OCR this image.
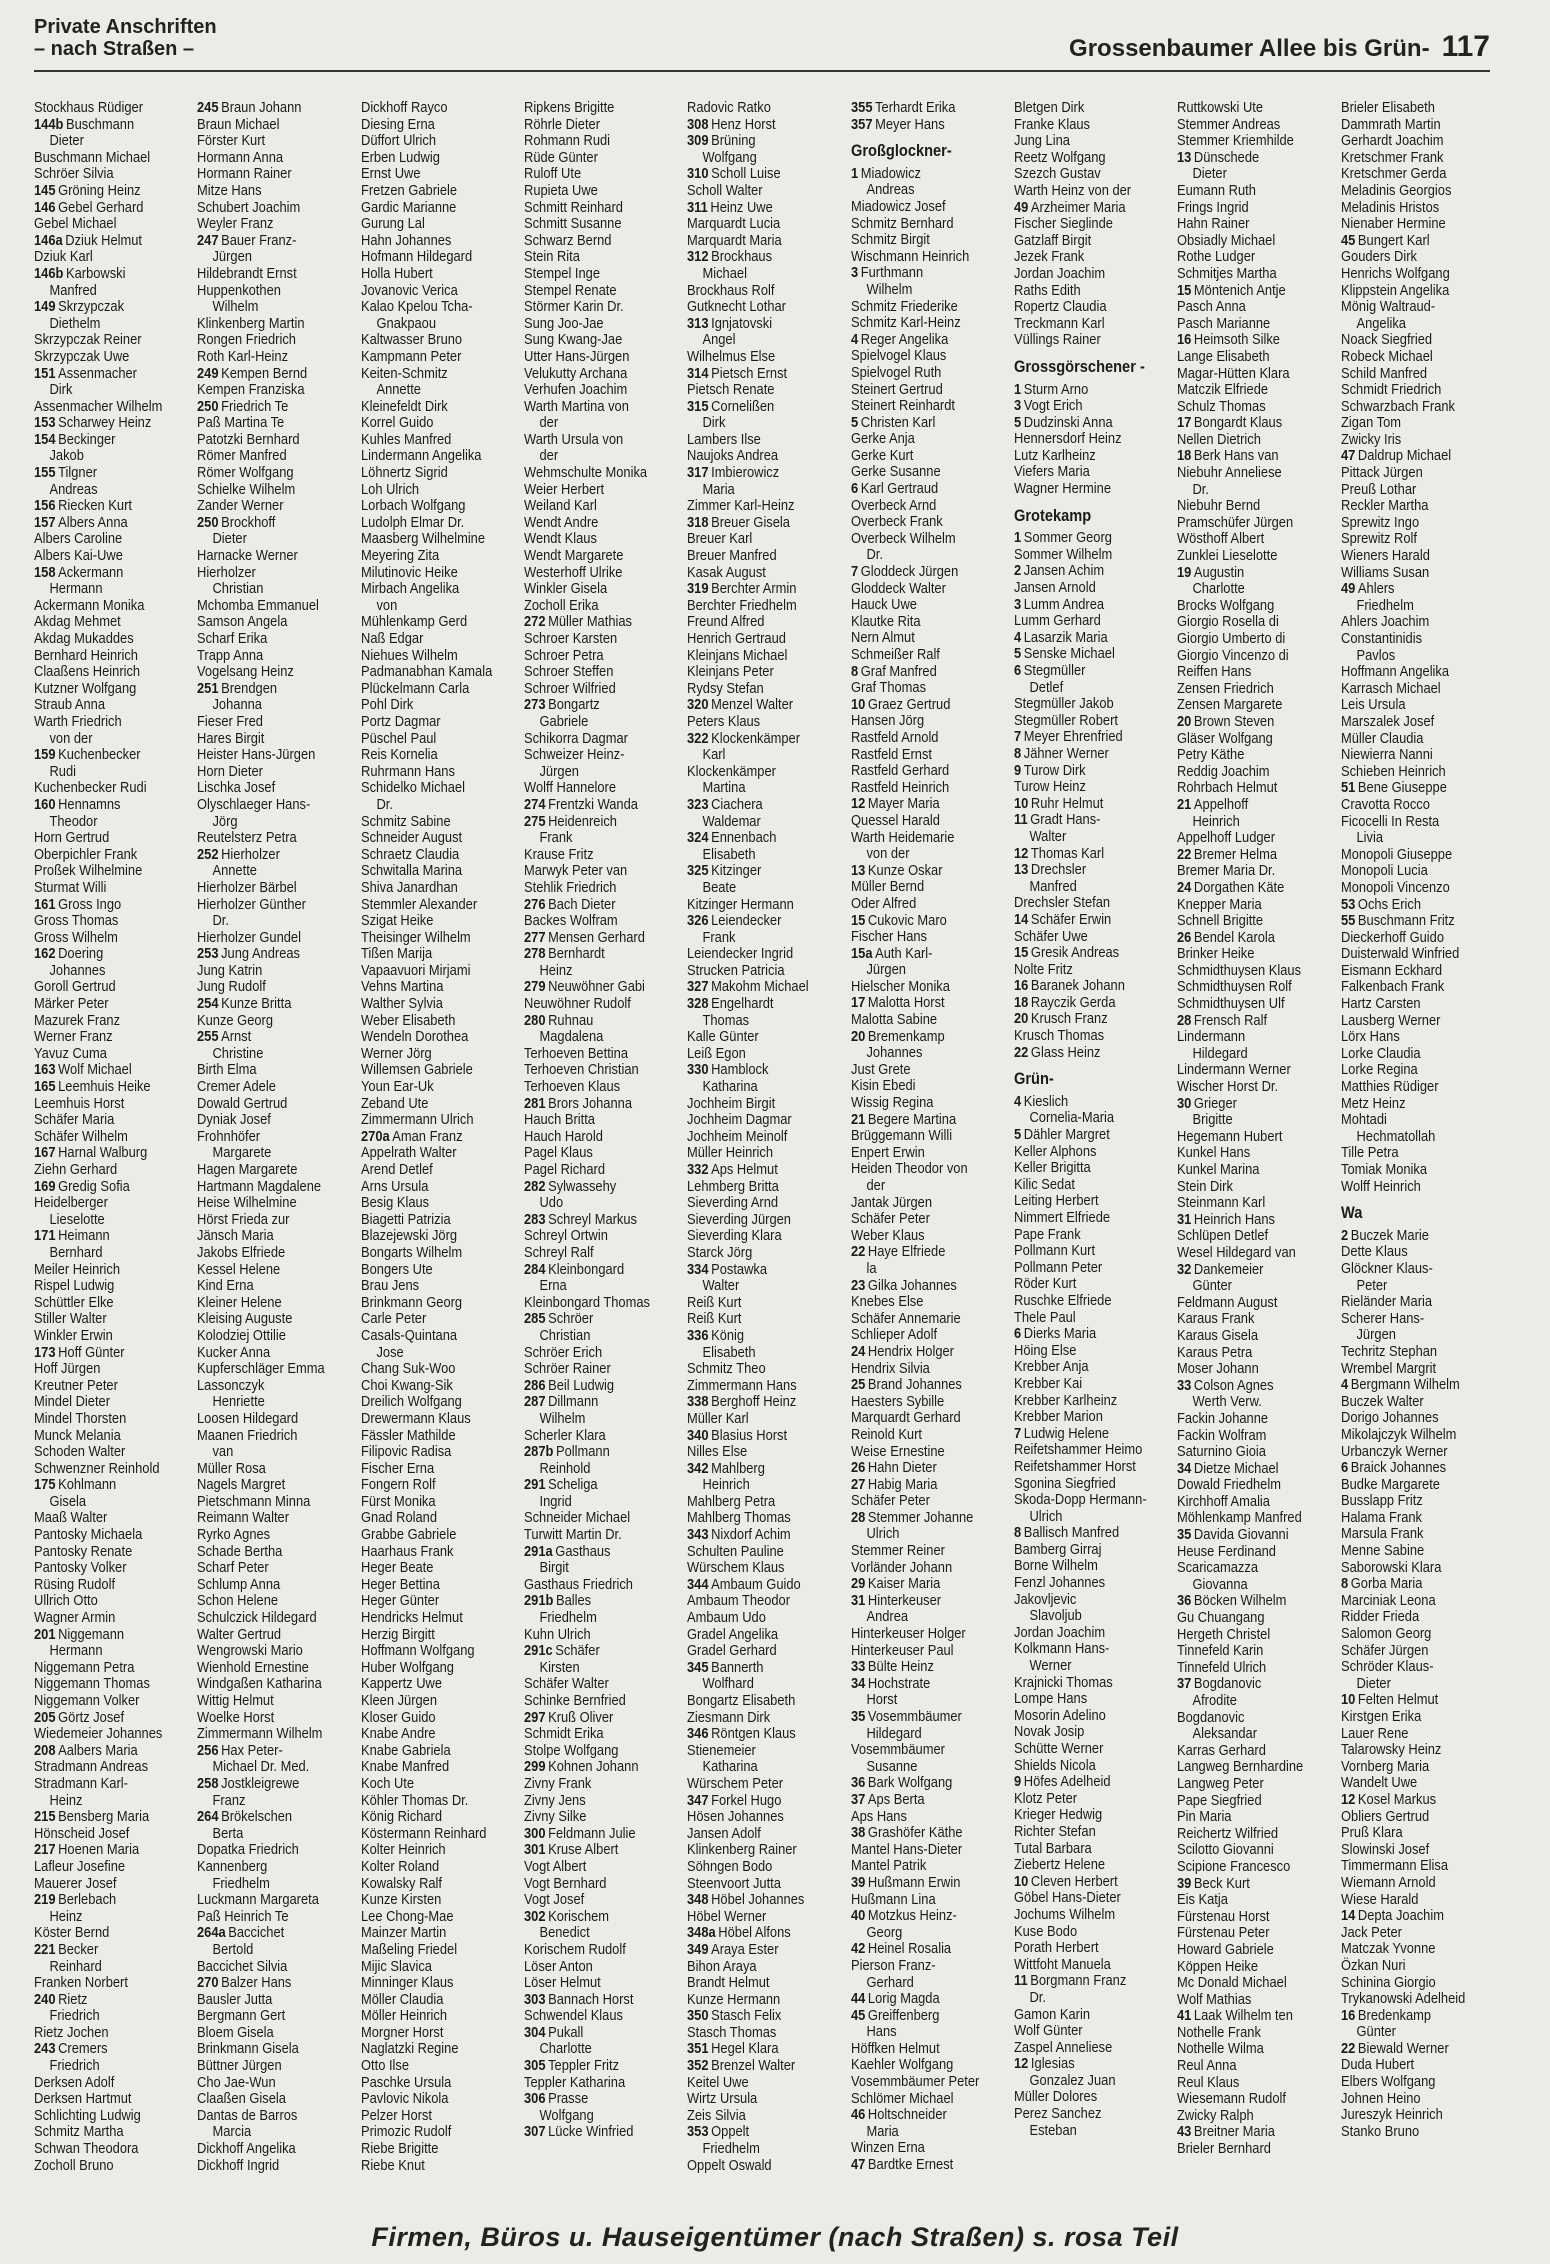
Private Anschriften
– nach Straßen –	Grossenbaumer Allee bis Grün- 117
Stockhaus Rüdiger
144b Buschmann
Dieter
Buschmann Michael
Schröer Silvia
145 Gröning Heinz
146 Gebel Gerhard
Gebel Michael
146a Dziuk Helmut
Dziuk Karl
146b Karbowski
Manfred
149 Skrzypczak
Diethelm
Skrzypczak Reiner
Skrzypczak Uwe
151 Assenmacher
Dirk
Assenmacher Wilhelm
153 Scharwey Heinz
154 Beckinger
Jakob
155 Tilgner
Andreas
156 Riecken Kurt
157 Albers Anna
Albers Caroline
Albers Kai-Uwe
158 Ackermann
Hermann
Ackermann Monika
Akdag Mehmet
Akdag Mukaddes
Bernhard Heinrich
Claaßens Heinrich
Kutzner Wolfgang
Straub Anna
Warth Friedrich
von der
159 Kuchenbecker
Rudi
Kuchenbecker Rudi
160 Hennamns
Theodor
Horn Gertrud
Oberpichler Frank
Proßek Wilhelmine
Sturmat Willi
161 Gross Ingo
Gross Thomas
Gross Wilhelm
162 Doering
Johannes
Goroll Gertrud
Märker Peter
Mazurek Franz
Werner Franz
Yavuz Cuma
163 Wolf Michael
165 Leemhuis Heike
Leemhuis Horst
Schäfer Maria
Schäfer Wilhelm
167 Harnal Walburg
Ziehn Gerhard
169 Gredig Sofia
Heidelberger
Lieselotte
171 Heimann
Bernhard
Meiler Heinrich
Rispel Ludwig
Schüttler Elke
Stiller Walter
Winkler Erwin
173 Hoff Günter
Hoff Jürgen
Kreutner Peter
Mindel Dieter
Mindel Thorsten
Munck Melania
Schoden Walter
Schwenzner Reinhold
175 Kohlmann
Gisela
Maaß Walter
Pantosky Michaela
Pantosky Renate
Pantosky Volker
Rüsing Rudolf
Ullrich Otto
Wagner Armin
201 Niggemann
Hermann
Niggemann Petra
Niggemann Thomas
Niggemann Volker
205 Görtz Josef
Wiedemeier Johannes
208 Aalbers Maria
Stradmann Andreas
Stradmann Karl-
Heinz
215 Bensberg Maria
Hönscheid Josef
217 Hoenen Maria
Lafleur Josefine
Mauerer Josef
219 Berlebach
Heinz
Köster Bernd
221 Becker
Reinhard
Franken Norbert
240 Rietz
Friedrich
Rietz Jochen
243 Cremers
Friedrich
Derksen Adolf
Derksen Hartmut
Schlichting Ludwig
Schmitz Martha
Schwan Theodora
Zocholl Bruno
245 Braun Johann
Braun Michael
Förster Kurt
Hormann Anna
Hormann Rainer
Mitze Hans
Schubert Joachim
Weyler Franz
247 Bauer Franz-
Jürgen
Hildebrandt Ernst
Huppenkothen
Wilhelm
Klinkenberg Martin
Rongen Friedrich
Roth Karl-Heinz
249 Kempen Bernd
Kempen Franziska
250 Friedrich Te
Paß Martina Te
Patotzki Bernhard
Römer Manfred
Römer Wolfgang
Schielke Wilhelm
Zander Werner
250 Brockhoff
Dieter
Harnacke Werner
Hierholzer
Christian
Mchomba Emmanuel
Samson Angela
Scharf Erika
Trapp Anna
Vogelsang Heinz
251 Brendgen
Johanna
Fieser Fred
Hares Birgit
Heister Hans-Jürgen
Horn Dieter
Lischka Josef
Olyschlaeger Hans-
Jörg
Reutelsterz Petra
252 Hierholzer
Annette
Hierholzer Bärbel
Hierholzer Günther
Dr.
Hierholzer Gundel
253 Jung Andreas
Jung Katrin
Jung Rudolf
254 Kunze Britta
Kunze Georg
255 Arnst
Christine
Birth Elma
Cremer Adele
Dowald Gertrud
Dyniak Josef
Frohnhöfer
Margarete
Hagen Margarete
Hartmann Magdalene
Heise Wilhelmine
Hörst Frieda zur
Jänsch Maria
Jakobs Elfriede
Kessel Helene
Kind Erna
Kleiner Helene
Kleising Auguste
Kolodziej Ottilie
Kucker Anna
Kupferschläger Emma
Lassonczyk
Henriette
Loosen Hildegard
Maanen Friedrich
van
Müller Rosa
Nagels Margret
Pietschmann Minna
Reimann Walter
Ryrko Agnes
Schade Bertha
Scharf Peter
Schlump Anna
Schon Helene
Schulczick Hildegard
Walter Gertrud
Wengrowski Mario
Wienhold Ernestine
Windgaßen Katharina
Wittig Helmut
Woelke Horst
Zimmermann Wilhelm
256 Hax Peter-
Michael Dr. Med.
258 Jostkleigrewe
Franz
264 Brökelschen
Berta
Dopatka Friedrich
Kannenberg
Friedhelm
Luckmann Margareta
Paß Heinrich Te
264a Baccichet
Bertold
Baccichet Silvia
270 Balzer Hans
Bausler Jutta
Bergmann Gert
Bloem Gisela
Brinkmann Gisela
Büttner Jürgen
Cho Jae-Wun
Claaßen Gisela
Dantas de Barros
Marcia
Dickhoff Angelika
Dickhoff Ingrid
Dickhoff Rayco
Diesing Erna
Düffort Ulrich
Erben Ludwig
Ernst Uwe
Fretzen Gabriele
Gardic Marianne
Gurung Lal
Hahn Johannes
Hofmann Hildegard
Holla Hubert
Jovanovic Verica
Kalao Kpelou Tcha-
Gnakpaou
Kaltwasser Bruno
Kampmann Peter
Keiten-Schmitz
Annette
Kleinefeldt Dirk
Korrel Guido
Kuhles Manfred
Lindermann Angelika
Löhnertz Sigrid
Loh Ulrich
Lorbach Wolfgang
Ludolph Elmar Dr.
Maasberg Wilhelmine
Meyering Zita
Milutinovic Heike
Mirbach Angelika
von
Mühlenkamp Gerd
Naß Edgar
Niehues Wilhelm
Padmanabhan Kamala
Plückelmann Carla
Pohl Dirk
Portz Dagmar
Püschel Paul
Reis Kornelia
Ruhrmann Hans
Schidelko Michael
Dr.
Schmitz Sabine
Schneider August
Schraetz Claudia
Schwitalla Marina
Shiva Janardhan
Stemmler Alexander
Szigat Heike
Theisinger Wilhelm
Tißen Marija
Vapaavuori Mirjami
Vehns Martina
Walther Sylvia
Weber Elisabeth
Wendeln Dorothea
Werner Jörg
Willemsen Gabriele
Youn Ear-Uk
Zeband Ute
Zimmermann Ulrich
270a Aman Franz
Appelrath Walter
Arend Detlef
Arns Ursula
Besig Klaus
Biagetti Patrizia
Blazejewski Jörg
Bongarts Wilhelm
Bongers Ute
Brau Jens
Brinkmann Georg
Carle Peter
Casals-Quintana
Jose
Chang Suk-Woo
Choi Kwang-Sik
Dreilich Wolfgang
Drewermann Klaus
Fässler Mathilde
Filipovic Radisa
Fischer Erna
Fongern Rolf
Fürst Monika
Gnad Roland
Grabbe Gabriele
Haarhaus Frank
Heger Beate
Heger Bettina
Heger Günter
Hendricks Helmut
Herzig Birgitt
Hoffmann Wolfgang
Huber Wolfgang
Kappertz Uwe
Kleen Jürgen
Kloser Guido
Knabe Andre
Knabe Gabriela
Knabe Manfred
Koch Ute
Köhler Thomas Dr.
König Richard
Köstermann Reinhard
Kolter Heinrich
Kolter Roland
Kowalsky Ralf
Kunze Kirsten
Lee Chong-Mae
Mainzer Martin
Maßeling Friedel
Mijic Slavica
Minninger Klaus
Möller Claudia
Möller Heinrich
Morgner Horst
Naglatzki Regine
Otto Ilse
Paschke Ursula
Pavlovic Nikola
Pelzer Horst
Primozic Rudolf
Riebe Brigitte
Riebe Knut
Ripkens Brigitte
Röhrle Dieter
Rohmann Rudi
Rüde Günter
Ruloff Ute
Rupieta Uwe
Schmitt Reinhard
Schmitt Susanne
Schwarz Bernd
Stein Rita
Stempel Inge
Stempel Renate
Störmer Karin Dr.
Sung Joo-Jae
Sung Kwang-Jae
Utter Hans-Jürgen
Velukutty Archana
Verhufen Joachim
Warth Martina von
der
Warth Ursula von
der
Wehmschulte Monika
Weier Herbert
Weiland Karl
Wendt Andre
Wendt Klaus
Wendt Margarete
Westerhoff Ulrike
Winkler Gisela
Zocholl Erika
272 Müller Mathias
Schroer Karsten
Schroer Petra
Schroer Steffen
Schroer Wilfried
273 Bongartz
Gabriele
Schikorra Dagmar
Schweizer Heinz-
Jürgen
Wolff Hannelore
274 Frentzki Wanda
275 Heidenreich
Frank
Krause Fritz
Marwyk Peter van
Stehlik Friedrich
276 Bach Dieter
Backes Wolfram
277 Mensen Gerhard
278 Bernhardt
Heinz
279 Neuwöhner Gabi
Neuwöhner Rudolf
280 Ruhnau
Magdalena
Terhoeven Bettina
Terhoeven Christian
Terhoeven Klaus
281 Brors Johanna
Hauch Britta
Hauch Harold
Pagel Klaus
Pagel Richard
282 Sylwassehy
Udo
283 Schreyl Markus
Schreyl Ortwin
Schreyl Ralf
284 Kleinbongard
Erna
Kleinbongard Thomas
285 Schröer
Christian
Schröer Erich
Schröer Rainer
286 Beil Ludwig
287 Dillmann
Wilhelm
Scherler Klara
287b Pollmann
Reinhold
291 Scheliga
Ingrid
Schneider Michael
Turwitt Martin Dr.
291a Gasthaus
Birgit
Gasthaus Friedrich
291b Balles
Friedhelm
Kuhn Ulrich
291c Schäfer
Kirsten
Schäfer Walter
Schinke Bernfried
297 Kruß Oliver
Schmidt Erika
Stolpe Wolfgang
299 Kohnen Johann
Zivny Frank
Zivny Jens
Zivny Silke
300 Feldmann Julie
301 Kruse Albert
Vogt Albert
Vogt Bernhard
Vogt Josef
302 Korischem
Benedict
Korischem Rudolf
Löser Anton
Löser Helmut
303 Bannach Horst
Schwendel Klaus
304 Pukall
Charlotte
305 Teppler Fritz
Teppler Katharina
306 Prasse
Wolfgang
307 Lücke Winfried
Radovic Ratko
308 Henz Horst
309 Brüning
Wolfgang
310 Scholl Luise
Scholl Walter
311 Heinz Uwe
Marquardt Lucia
Marquardt Maria
312 Brockhaus
Michael
Brockhaus Rolf
Gutknecht Lothar
313 Ignjatovski
Angel
Wilhelmus Else
314 Pietsch Ernst
Pietsch Renate
315 Cornelißen
Dirk
Lambers Ilse
Naujoks Andrea
317 Imbierowicz
Maria
Zimmer Karl-Heinz
318 Breuer Gisela
Breuer Karl
Breuer Manfred
Kasak August
319 Berchter Armin
Berchter Friedhelm
Freund Alfred
Henrich Gertraud
Kleinjans Michael
Kleinjans Peter
Rydsy Stefan
320 Menzel Walter
Peters Klaus
322 Klockenkämper
Karl
Klockenkämper
Martina
323 Ciachera
Waldemar
324 Ennenbach
Elisabeth
325 Kitzinger
Beate
Kitzinger Hermann
326 Leiendecker
Frank
Leiendecker Ingrid
Strucken Patricia
327 Makohm Michael
328 Engelhardt
Thomas
Kalle Günter
Leiß Egon
330 Hamblock
Katharina
Jochheim Birgit
Jochheim Dagmar
Jochheim Meinolf
Müller Heinrich
332 Aps Helmut
Lehmberg Britta
Sieverding Arnd
Sieverding Jürgen
Sieverding Klara
Starck Jörg
334 Postawka
Walter
Reiß Kurt
Reiß Kurt
336 König
Elisabeth
Schmitz Theo
Zimmermann Hans
338 Berghoff Heinz
Müller Karl
340 Blasius Horst
Nilles Else
342 Mahlberg
Heinrich
Mahlberg Petra
Mahlberg Thomas
343 Nixdorf Achim
Schulten Pauline
Würschem Klaus
344 Ambaum Guido
Ambaum Theodor
Ambaum Udo
Gradel Angelika
Gradel Gerhard
345 Bannerth
Wolfhard
Bongartz Elisabeth
Ziesmann Dirk
346 Röntgen Klaus
Stienemeier
Katharina
Würschem Peter
347 Forkel Hugo
Hösen Johannes
Jansen Adolf
Klinkenberg Rainer
Söhngen Bodo
Steenvoort Jutta
348 Höbel Johannes
Höbel Werner
348a Höbel Alfons
349 Araya Ester
Bihon Araya
Brandt Helmut
Kunze Hermann
350 Stasch Felix
Stasch Thomas
351 Hegel Klara
352 Brenzel Walter
Keitel Uwe
Wirtz Ursula
Zeis Silvia
353 Oppelt
Friedhelm
Oppelt Oswald
355 Terhardt Erika
357 Meyer Hans
Großglockner-
1 Miadowicz
Andreas
Miadowicz Josef
Schmitz Bernhard
Schmitz Birgit
Wischmann Heinrich
3 Furthmann
Wilhelm
Schmitz Friederike
Schmitz Karl-Heinz
4 Reger Angelika
Spielvogel Klaus
Spielvogel Ruth
Steinert Gertrud
Steinert Reinhardt
5 Christen Karl
Gerke Anja
Gerke Kurt
Gerke Susanne
6 Karl Gertraud
Overbeck Arnd
Overbeck Frank
Overbeck Wilhelm
Dr.
7 Gloddeck Jürgen
Gloddeck Walter
Hauck Uwe
Klautke Rita
Nern Almut
Schmeißer Ralf
8 Graf Manfred
Graf Thomas
10 Graez Gertrud
Hansen Jörg
Rastfeld Arnold
Rastfeld Ernst
Rastfeld Gerhard
Rastfeld Heinrich
12 Mayer Maria
Quessel Harald
Warth Heidemarie
von der
13 Kunze Oskar
Müller Bernd
Oder Alfred
15 Cukovic Maro
Fischer Hans
15a Auth Karl-
Jürgen
Hielscher Monika
17 Malotta Horst
Malotta Sabine
20 Bremenkamp
Johannes
Just Grete
Kisin Ebedi
Wissig Regina
21 Begere Martina
Brüggemann Willi
Enpert Erwin
Heiden Theodor von
der
Jantak Jürgen
Schäfer Peter
Weber Klaus
22 Haye Elfriede
la
23 Gilka Johannes
Knebes Else
Schäfer Annemarie
Schlieper Adolf
24 Hendrix Holger
Hendrix Silvia
25 Brand Johannes
Haesters Sybille
Marquardt Gerhard
Reinold Kurt
Weise Ernestine
26 Hahn Dieter
27 Habig Maria
Schäfer Peter
28 Stemmer Johanne
Ulrich
Stemmer Reiner
Vorländer Johann
29 Kaiser Maria
31 Hinterkeuser
Andrea
Hinterkeuser Holger
Hinterkeuser Paul
33 Bülte Heinz
34 Hochstrate
Horst
35 Vosemmbäumer
Hildegard
Vosemmbäumer
Susanne
36 Bark Wolfgang
37 Aps Berta
Aps Hans
38 Grashöfer Käthe
Mantel Hans-Dieter
Mantel Patrik
39 Hußmann Erwin
Hußmann Lina
40 Motzkus Heinz-
Georg
42 Heinel Rosalia
Pierson Franz-
Gerhard
44 Lorig Magda
45 Greiffenberg
Hans
Höffken Helmut
Kaehler Wolfgang
Vosemmbäumer Peter
Schlömer Michael
46 Holtschneider
Maria
Winzen Erna
47 Bardtke Ernest
Bletgen Dirk
Franke Klaus
Jung Lina
Reetz Wolfgang
Szezch Gustav
Warth Heinz von der
49 Arzheimer Maria
Fischer Sieglinde
Gatzlaff Birgit
Jezek Frank
Jordan Joachim
Raths Edith
Ropertz Claudia
Treckmann Karl
Vüllings Rainer
Grossgörschener -
1 Sturm Arno
3 Vogt Erich
5 Dudzinski Anna
Hennersdorf Heinz
Lutz Karlheinz
Viefers Maria
Wagner Hermine
Grotekamp
1 Sommer Georg
Sommer Wilhelm
2 Jansen Achim
Jansen Arnold
3 Lumm Andrea
Lumm Gerhard
4 Lasarzik Maria
5 Senske Michael
6 Stegmüller
Detlef
Stegmüller Jakob
Stegmüller Robert
7 Meyer Ehrenfried
8 Jähner Werner
9 Turow Dirk
Turow Heinz
10 Ruhr Helmut
11 Gradt Hans-
Walter
12 Thomas Karl
13 Drechsler
Manfred
Drechsler Stefan
14 Schäfer Erwin
Schäfer Uwe
15 Gresik Andreas
Nolte Fritz
16 Baranek Johann
18 Rayczik Gerda
20 Krusch Franz
Krusch Thomas
22 Glass Heinz
Grün-
4 Kieslich
Cornelia-Maria
5 Dähler Margret
Keller Alphons
Keller Brigitta
Kilic Sedat
Leiting Herbert
Nimmert Elfriede
Pape Frank
Pollmann Kurt
Pollmann Peter
Röder Kurt
Ruschke Elfriede
Thele Paul
6 Dierks Maria
Höing Else
Krebber Anja
Krebber Kai
Krebber Karlheinz
Krebber Marion
7 Ludwig Helene
Reifetshammer Heimo
Reifetshammer Horst
Sgonina Siegfried
Skoda-Dopp Hermann-
Ulrich
8 Ballisch Manfred
Bamberg Girraj
Borne Wilhelm
Fenzl Johannes
Jakovljevic
Slavoljub
Jordan Joachim
Kolkmann Hans-
Werner
Krajnicki Thomas
Lompe Hans
Mosorin Adelino
Novak Josip
Schütte Werner
Shields Nicola
9 Höfes Adelheid
Klotz Peter
Krieger Hedwig
Richter Stefan
Tutal Barbara
Ziebertz Helene
10 Cleven Herbert
Göbel Hans-Dieter
Jochums Wilhelm
Kuse Bodo
Porath Herbert
Wittfoht Manuela
11 Borgmann Franz
Dr.
Gamon Karin
Wolf Günter
Zaspel Anneliese
12 Iglesias
Gonzalez Juan
Müller Dolores
Perez Sanchez
Esteban
Ruttkowski Ute
Stemmer Andreas
Stemmer Kriemhilde
13 Dünschede
Dieter
Eumann Ruth
Frings Ingrid
Hahn Rainer
Obsiadly Michael
Rothe Ludger
Schmitjes Martha
15 Möntenich Antje
Pasch Anna
Pasch Marianne
16 Heimsoth Silke
Lange Elisabeth
Magar-Hütten Klara
Matczik Elfriede
Schulz Thomas
17 Bongardt Klaus
Nellen Dietrich
18 Berk Hans van
Niebuhr Anneliese
Dr.
Niebuhr Bernd
Pramschüfer Jürgen
Wösthoff Albert
Zunklei Lieselotte
19 Augustin
Charlotte
Brocks Wolfgang
Giorgio Rosella di
Giorgio Umberto di
Giorgio Vincenzo di
Reiffen Hans
Zensen Friedrich
Zensen Margarete
20 Brown Steven
Gläser Wolfgang
Petry Käthe
Reddig Joachim
Rohrbach Helmut
21 Appelhoff
Heinrich
Appelhoff Ludger
22 Bremer Helma
Bremer Maria Dr.
24 Dorgathen Käte
Knepper Maria
Schnell Brigitte
26 Bendel Karola
Brinker Heike
Schmidthuysen Klaus
Schmidthuysen Rolf
Schmidthuysen Ulf
28 Frensch Ralf
Lindermann
Hildegard
Lindermann Werner
Wischer Horst Dr.
30 Grieger
Brigitte
Hegemann Hubert
Kunkel Hans
Kunkel Marina
Stein Dirk
Steinmann Karl
31 Heinrich Hans
Schlüpen Detlef
Wesel Hildegard van
32 Dankemeier
Günter
Feldmann August
Karaus Frank
Karaus Gisela
Karaus Petra
Moser Johann
33 Colson Agnes
Werth Verw.
Fackin Johanne
Fackin Wolfram
Saturnino Gioia
34 Dietze Michael
Dowald Friedhelm
Kirchhoff Amalia
Möhlenkamp Manfred
35 Davida Giovanni
Heuse Ferdinand
Scaricamazza
Giovanna
36 Böcken Wilhelm
Gu Chuangang
Hergeth Christel
Tinnefeld Karin
Tinnefeld Ulrich
37 Bogdanovic
Afrodite
Bogdanovic
Aleksandar
Karras Gerhard
Langweg Bernhardine
Langweg Peter
Pape Siegfried
Pin Maria
Reichertz Wilfried
Scilotto Giovanni
Scipione Francesco
39 Beck Kurt
Eis Katja
Fürstenau Horst
Fürstenau Peter
Howard Gabriele
Köppen Heike
Mc Donald Michael
Wolf Mathias
41 Laak Wilhelm ten
Nothelle Frank
Nothelle Wilma
Reul Anna
Reul Klaus
Wiesemann Rudolf
Zwicky Ralph
43 Breitner Maria
Brieler Bernhard
Brieler Elisabeth
Dammrath Martin
Gerhardt Joachim
Kretschmer Frank
Kretschmer Gerda
Meladinis Georgios
Meladinis Hristos
Nienaber Hermine
45 Bungert Karl
Gouders Dirk
Henrichs Wolfgang
Klippstein Angelika
Mönig Waltraud-
Angelika
Noack Siegfried
Robeck Michael
Schild Manfred
Schmidt Friedrich
Schwarzbach Frank
Zigan Tom
Zwicky Iris
47 Daldrup Michael
Pittack Jürgen
Preuß Lothar
Reckler Martha
Sprewitz Ingo
Sprewitz Rolf
Wieners Harald
Williams Susan
49 Ahlers
Friedhelm
Ahlers Joachim
Constantinidis
Pavlos
Hoffmann Angelika
Karrasch Michael
Leis Ursula
Marszalek Josef
Müller Claudia
Niewierra Nanni
Schieben Heinrich
51 Bene Giuseppe
Cravotta Rocco
Ficocelli In Resta
Livia
Monopoli Giuseppe
Monopoli Lucia
Monopoli Vincenzo
53 Ochs Erich
55 Buschmann Fritz
Dieckerhoff Guido
Duisterwald Winfried
Eismann Eckhard
Falkenbach Frank
Hartz Carsten
Lausberg Werner
Lörx Hans
Lorke Claudia
Lorke Regina
Matthies Rüdiger
Metz Heinz
Mohtadi
Hechmatollah
Tille Petra
Tomiak Monika
Wolff Heinrich
Wa
2 Buczek Marie
Dette Klaus
Glöckner Klaus-
Peter
Rieländer Maria
Scherer Hans-
Jürgen
Techritz Stephan
Wrembel Margrit
4 Bergmann Wilhelm
Buczek Walter
Dorigo Johannes
Mikolajczyk Wilhelm
Urbanczyk Werner
6 Braick Johannes
Budke Margarete
Busslapp Fritz
Halama Frank
Marsula Frank
Menne Sabine
Saborowski Klara
8 Gorba Maria
Marciniak Leona
Ridder Frieda
Salomon Georg
Schäfer Jürgen
Schröder Klaus-
Dieter
10 Felten Helmut
Kirstgen Erika
Lauer Rene
Talarowsky Heinz
Vornberg Maria
Wandelt Uwe
12 Kosel Markus
Obliers Gertrud
Pruß Klara
Slowinski Josef
Timmermann Elisa
Wiemann Arnold
Wiese Harald
14 Depta Joachim
Jack Peter
Matczak Yvonne
Özkan Nuri
Schinina Giorgio
Trykanowski Adelheid
16 Bredenkamp
Günter
22 Biewald Werner
Duda Hubert
Elbers Wolfgang
Johnen Heino
Jureszyk Heinrich
Stanko Bruno
Firmen, Büros u. Hauseigentümer (nach Straßen) s. rosa Teil
